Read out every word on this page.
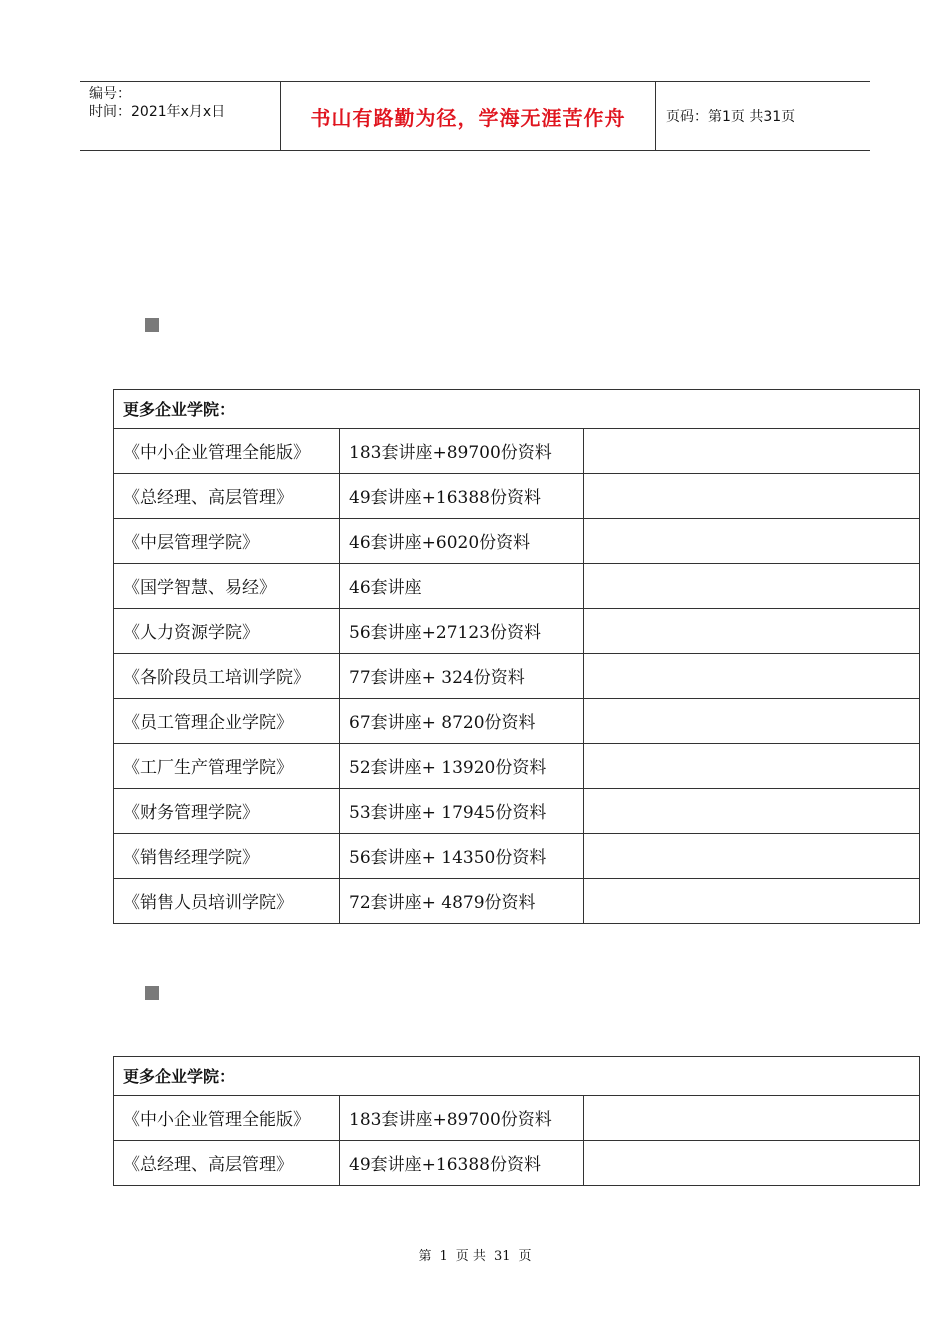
编号：
时间：2021年x月x日	书山有路勤为径，学海无涯苦作舟	页码：第1页 共31页
更多企业学院：		
《中小企业管理全能版》	183套讲座+89700份资料	
《总经理、高层管理》	49套讲座+16388份资料	
《中层管理学院》	46套讲座+6020份资料	
《国学智慧、易经》	46套讲座	
《人力资源学院》	56套讲座+27123份资料	
《各阶段员工培训学院》	77套讲座+ 324份资料	
《员工管理企业学院》	67套讲座+ 8720份资料	
《工厂生产管理学院》	52套讲座+ 13920份资料	
《财务管理学院》	53套讲座+ 17945份资料	
《销售经理学院》	56套讲座+ 14350份资料	
《销售人员培训学院》	72套讲座+ 4879份资料	
更多企业学院：		
《中小企业管理全能版》	183套讲座+89700份资料	
《总经理、高层管理》	49套讲座+16388份资料	
第 1 页 共 31 页
